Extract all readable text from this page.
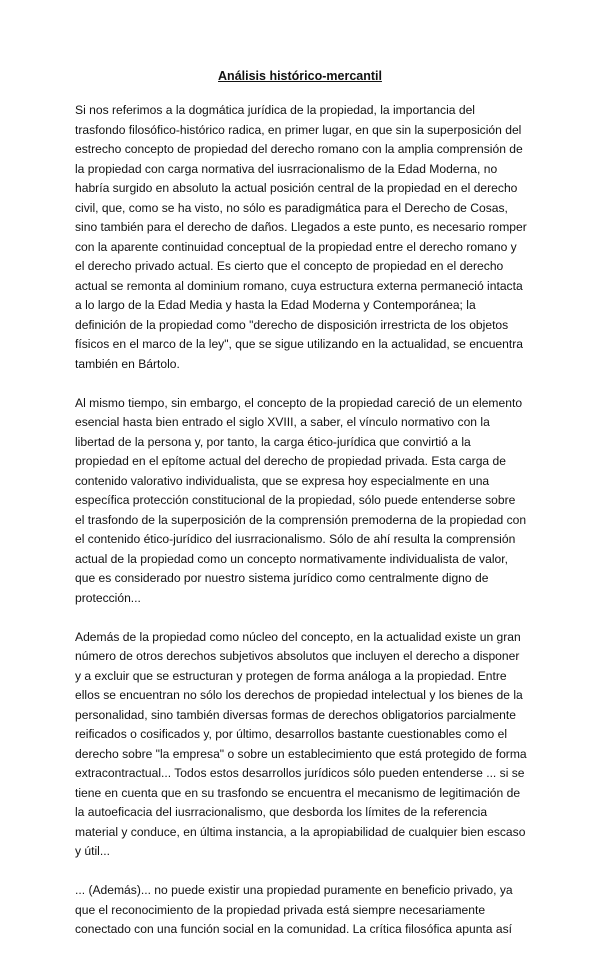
Análisis histórico-mercantil

Si nos referimos a la dogmática jurídica de la propiedad, la importancia del trasfondo filosófico-histórico radica, en primer lugar, en que sin la superposición del estrecho concepto de propiedad del derecho romano con la amplia comprensión de la propiedad con carga normativa del iusrracionalismo de la Edad Moderna, no habría surgido en absoluto la actual posición central de la propiedad en el derecho civil, que, como se ha visto, no sólo es paradigmática para el Derecho de Cosas, sino también para el derecho de daños. Llegados a este punto, es necesario romper con la aparente continuidad conceptual de la propiedad entre el derecho romano y el derecho privado actual. Es cierto que el concepto de propiedad en el derecho actual se remonta al dominium romano, cuya estructura externa permaneció intacta a lo largo de la Edad Media y hasta la Edad Moderna y Contemporánea; la definición de la propiedad como "derecho de disposición irrestricta de los objetos físicos en el marco de la ley", que se sigue utilizando en la actualidad, se encuentra también en Bártolo.

Al mismo tiempo, sin embargo, el concepto de la propiedad careció de un elemento esencial hasta bien entrado el siglo XVIII, a saber, el vínculo normativo con la libertad de la persona y, por tanto, la carga ético-jurídica que convirtió a la propiedad en el epítome actual del derecho de propiedad privada. Esta carga de contenido valorativo individualista, que se expresa hoy especialmente en una específica protección constitucional de la propiedad, sólo puede entenderse sobre el trasfondo de la superposición de la comprensión premoderna de la propiedad con el contenido ético-jurídico del iusrracionalismo. Sólo de ahí resulta la comprensión actual de la propiedad como un concepto normativamente individualista de valor, que es considerado por nuestro sistema jurídico como centralmente digno de protección...

Además de la propiedad como núcleo del concepto, en la actualidad existe un gran número de otros derechos subjetivos absolutos que incluyen el derecho a disponer y a excluir que se estructuran y protegen de forma análoga a la propiedad. Entre ellos se encuentran no sólo los derechos de propiedad intelectual y los bienes de la personalidad, sino también diversas formas de derechos obligatorios parcialmente reificados o cosificados y, por último, desarrollos bastante cuestionables como el derecho sobre "la empresa" o sobre un establecimiento que está protegido de forma extracontractual... Todos estos desarrollos jurídicos sólo pueden entenderse ... si se tiene en cuenta que en su trasfondo se encuentra el mecanismo de legitimación de la autoeficacia del iusrracionalismo, que desborda los límites de la referencia material y conduce, en última instancia, a la apropiabilidad de cualquier bien escaso y útil...

... (Además)... no puede existir una propiedad puramente en beneficio privado, ya que el reconocimiento de la propiedad privada está siempre necesariamente conectado con una función social en la comunidad. La crítica filosófica apunta así
